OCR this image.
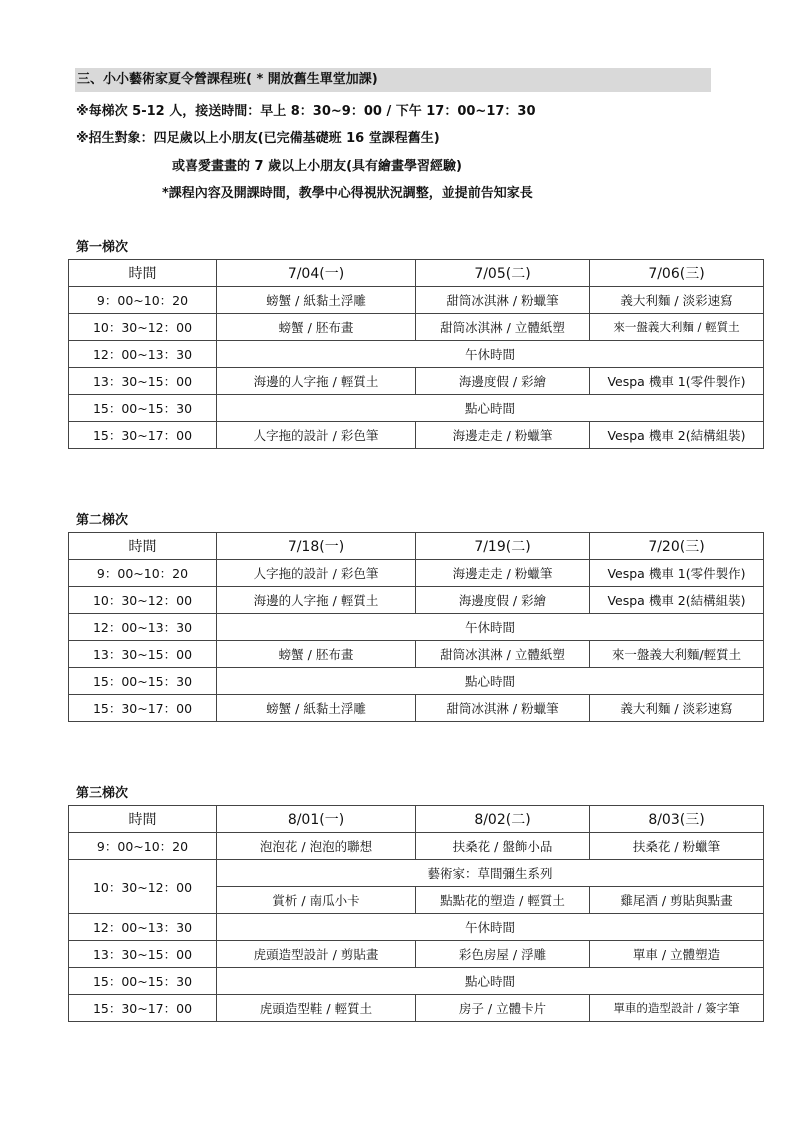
三、小小藝術家夏令營課程班( * 開放舊生單堂加課)
※每梯次 5-12 人，接送時間：早上 8：30~9：00 / 下午 17：00~17：30
※招生對象：四足歲以上小朋友(已完備基礎班 16 堂課程舊生)
或喜愛畫畫的 7 歲以上小朋友(具有繪畫學習經驗)
*課程內容及開課時間，教學中心得視狀況調整，並提前告知家長
第一梯次
時間	7/04(一)	7/05(二)	7/06(三)
9：00~10：20	螃蟹 / 紙黏土浮雕	甜筒冰淇淋 / 粉蠟筆	義大利麵 / 淡彩速寫
10：30~12：00	螃蟹 / 胚布畫	甜筒冰淇淋 / 立體紙塑	來一盤義大利麵 / 輕質土
12：00~13：30	午休時間		
13：30~15：00	海邊的人字拖 / 輕質土	海邊度假 / 彩繪	Vespa 機車 1(零件製作)
15：00~15：30	點心時間		
15：30~17：00	人字拖的設計 / 彩色筆	海邊走走 / 粉蠟筆	Vespa 機車 2(結構組裝)
第二梯次
時間	7/18(一)	7/19(二)	7/20(三)
9：00~10：20	人字拖的設計 / 彩色筆	海邊走走 / 粉蠟筆	Vespa 機車 1(零件製作)
10：30~12：00	海邊的人字拖 / 輕質土	海邊度假 / 彩繪	Vespa 機車 2(結構組裝)
12：00~13：30	午休時間		
13：30~15：00	螃蟹 / 胚布畫	甜筒冰淇淋 / 立體紙塑	來一盤義大利麵/輕質土
15：00~15：30	點心時間		
15：30~17：00	螃蟹 / 紙黏土浮雕	甜筒冰淇淋 / 粉蠟筆	義大利麵 / 淡彩速寫
第三梯次
時間	8/01(一)	8/02(二)	8/03(三)
9：00~10：20	泡泡花 / 泡泡的聯想	扶桑花 / 盤飾小品	扶桑花 / 粉蠟筆
10：30~12：00	藝術家：草間彌生系列		
	賞析 / 南瓜小卡	點點花的塑造 / 輕質土	雞尾酒 / 剪貼與點畫
12：00~13：30	午休時間		
13：30~15：00	虎頭造型設計 / 剪貼畫	彩色房屋 / 浮雕	單車 / 立體塑造
15：00~15：30	點心時間		
15：30~17：00	虎頭造型鞋 / 輕質土	房子 / 立體卡片	單車的造型設計 / 簽字筆
